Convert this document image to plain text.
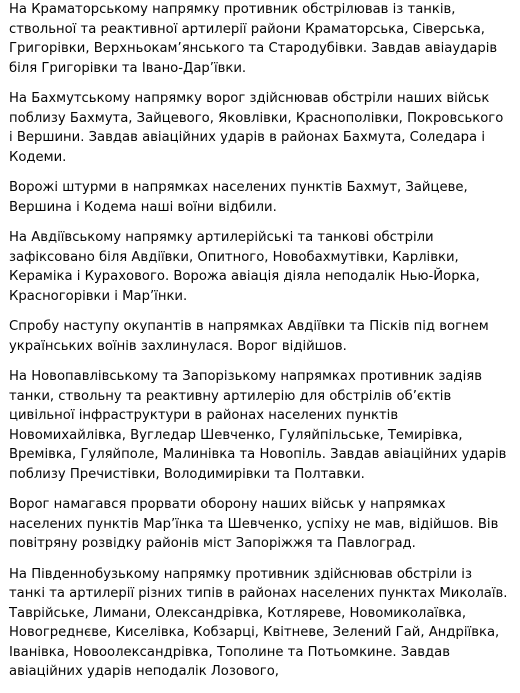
На Краматорському напрямку противник обстрілював із танків, ствольної та реактивної артилерії райони Краматорська, Сіверська, Григорівки, Верхньокам’янського та Стародубівки. Завдав авіаударів біля Григорівки та Івано-Дар’ївки.

На Бахмутському напрямку ворог здійснював обстріли наших військ поблизу Бахмута, Зайцевого, Яковлівки, Краснополівки, Покровського і Вершини. Завдав авіаційних ударів в районах Бахмута, Соледара і Кодеми.

Ворожі штурми в напрямках населених пунктів Бахмут, Зайцеве, Вершина і Кодема наші воїни відбили.

На Авдіївському напрямку артилерійські та танкові обстріли зафіксовано біля Авдіївки, Опитного, Новобахмутівки, Карлівки, Кераміка і Курахового. Ворожа авіація діяла неподалік Нью-Йорка, Красногорівки і Мар’їнки.

Спробу наступу окупантів в напрямках Авдіївки та Пісків під вогнем українських воїнів захлинулася. Ворог відійшов.

На Новопавлівському та Запорізькому напрямках противник задіяв танки, ствольну та реактивну артилерію для обстрілів об’єктів цивільної інфраструктури в районах населених пунктів Новомихайлівка, Вугледар Шевченко, Гуляйпільське, Темирівка, Времівка, Гуляйполе, Малинівка та Новопіль. Завдав авіаційних ударів поблизу Пречистівки, Володимирівки та Полтавки.

Ворог намагався прорвати оборону наших військ у напрямках населених пунктів Мар’їнка та Шевченко, успіху не мав, відійшов. Вів повітряну розвідку районів міст Запоріжжя та Павлоград.

На Південнобузькому напрямку противник здійснював обстріли із танкі та артилерії різних типів в районах населених пунктах Миколаїв. Таврійське, Лимани, Олександрівка, Котляреве, Новомиколаївка, Новогреднєве, Киселівка, Кобзарці, Квітневе, Зелений Гай, Андріївка, Іванівка, Новоолександрівка, Тополине та Потьомкине. Завдав авіаційних ударів неподалік Лозового,
